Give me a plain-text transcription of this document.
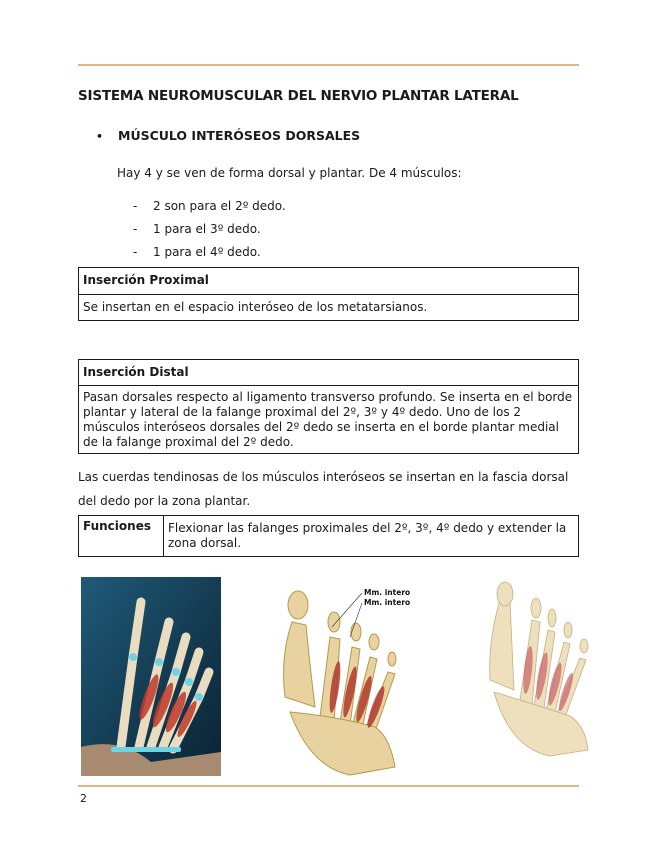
SISTEMA NEUROMUSCULAR DEL NERVIO PLANTAR LATERAL
• MÚSCULO INTERÓSEOS DORSALES
Hay 4 y se ven de forma dorsal y plantar. De 4 músculos:
- 2 son para el 2º dedo.
- 1 para el 3º dedo.
- 1 para el 4º dedo.
Inserción Proximal
Se insertan en el espacio interóseo de los metatarsianos.
Inserción Distal
Pasan dorsales respecto al ligamento transverso profundo. Se inserta en el borde plantar y lateral de la falange proximal del 2º, 3º y 4º dedo. Uno de los 2 músculos interóseos dorsales del 2º dedo se inserta en el borde plantar medial de la falange proximal del 2º dedo.
Las cuerdas tendinosas de los músculos interóseos se insertan en la fascia dorsal del dedo por la zona plantar.
Funciones	Flexionar las falanges proximales del 2º, 3º, 4º dedo y extender la zona dorsal.
Mm. intero
Mm. intero
2
